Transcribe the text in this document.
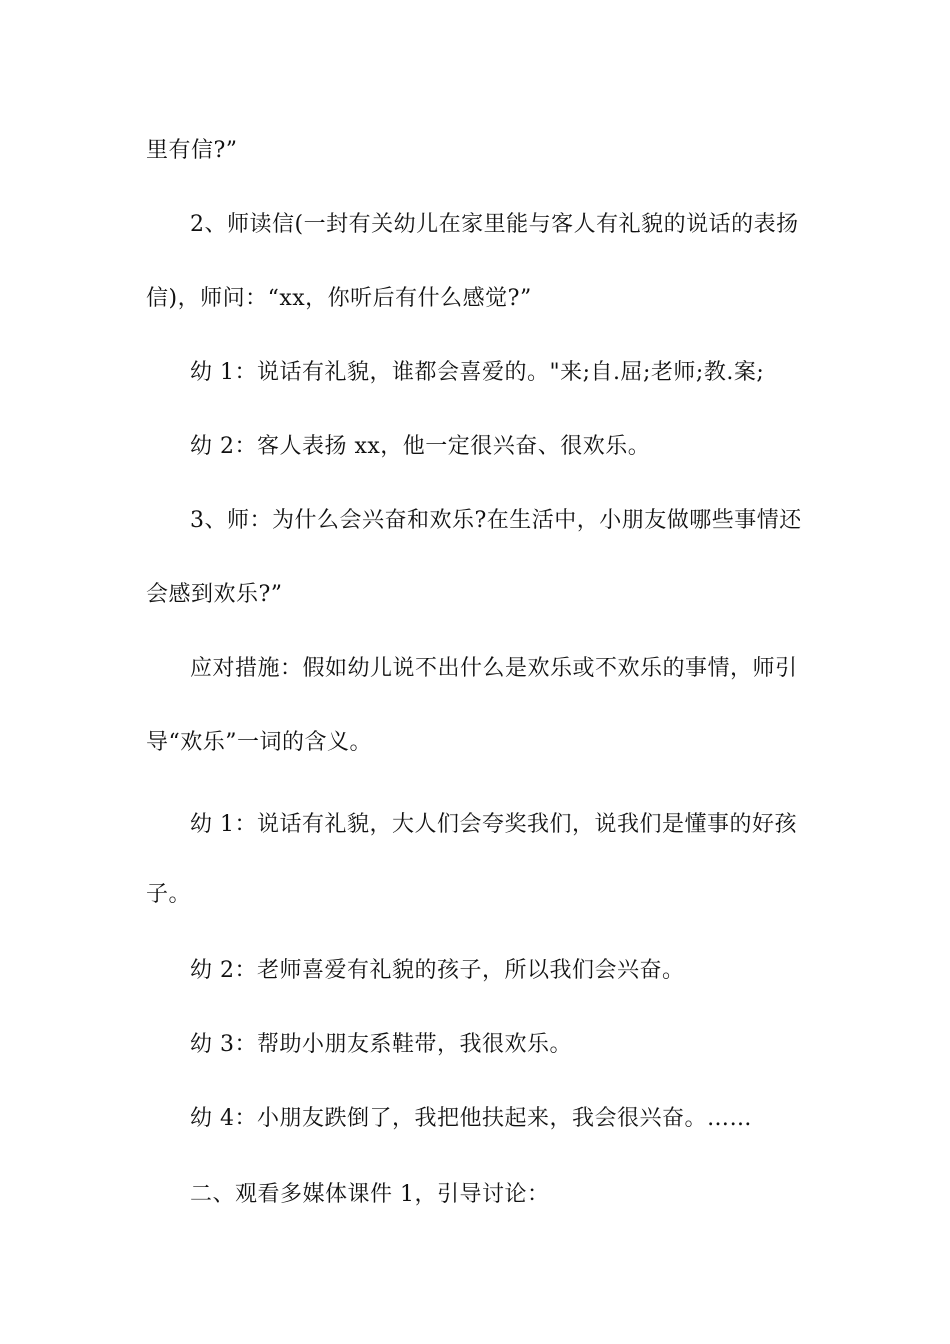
里有信?”

2、师读信(一封有关幼儿在家里能与客人有礼貌的说话的表扬

信)，师问：“xx，你听后有什么感觉?”

幼 1：说话有礼貌，谁都会喜爱的。"来;自.屈;老师;教.案;

幼 2：客人表扬 xx，他一定很兴奋、很欢乐。

3、师：为什么会兴奋和欢乐?在生活中，小朋友做哪些事情还

会感到欢乐?”

应对措施：假如幼儿说不出什么是欢乐或不欢乐的事情，师引

导“欢乐”一词的含义。

幼 1：说话有礼貌，大人们会夸奖我们，说我们是懂事的好孩

子。

幼 2：老师喜爱有礼貌的孩子，所以我们会兴奋。

幼 3：帮助小朋友系鞋带，我很欢乐。

幼 4：小朋友跌倒了，我把他扶起来，我会很兴奋。……

二、观看多媒体课件 1，引导讨论：
